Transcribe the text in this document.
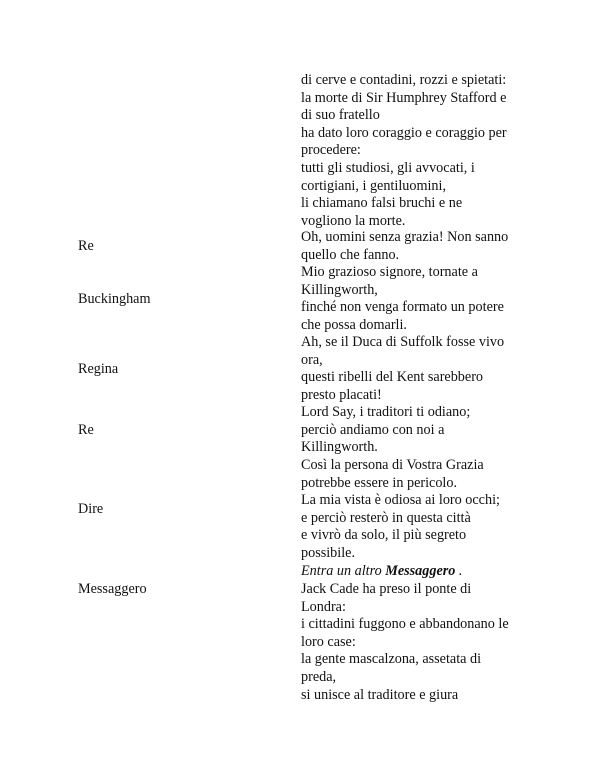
di cerve e contadini, rozzi e spietati:
la morte di Sir Humphrey Stafford e
di suo fratello
ha dato loro coraggio e coraggio per
procedere:
tutti gli studiosi, gli avvocati, i
cortigiani, i gentiluomini,
li chiamano falsi bruchi e ne
vogliono la morte.
Re
Oh, uomini senza grazia! Non sanno
quello che fanno.
Buckingham
Mio grazioso signore, tornate a
Killingworth,
finché non venga formato un potere
che possa domarli.
Regina
Ah, se il Duca di Suffolk fosse vivo
ora,
questi ribelli del Kent sarebbero
presto placati!
Re
Lord Say, i traditori ti odiano;
perciò andiamo con noi a
Killingworth.
Dire
Così la persona di Vostra Grazia
potrebbe essere in pericolo.
La mia vista è odiosa ai loro occhi;
e perciò resterò in questa città
e vivrò da solo, il più segreto
possibile.
Entra un altro Messaggero .
Messaggero	Jack Cade ha preso il ponte di
Londra:
i cittadini fuggono e abbandonano le
loro case:
la gente mascalzona, assetata di
preda,
si unisce al traditore e giura
